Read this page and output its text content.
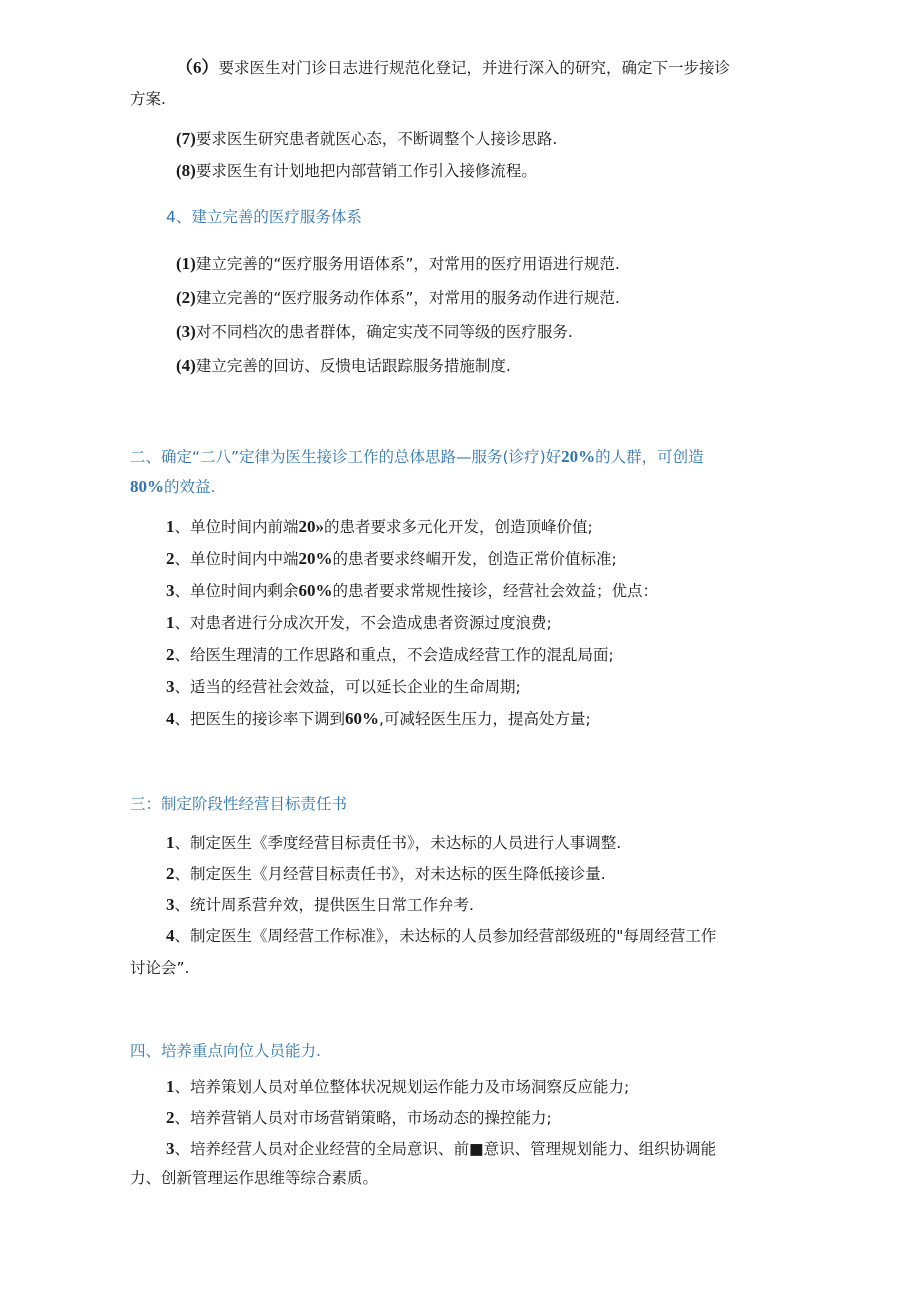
（6）要求医生对门诊日志进行规范化登记，并进行深入的研究，确定下一步接诊
方案.
(7)要求医生研究患者就医心态，不断调整个人接诊思路.
(8)要求医生有计划地把内部营销工作引入接修流程。
4、建立完善的医疗服务体系
(1)建立完善的“医疗服务用语体系”，对常用的医疗用语进行规范.
(2)建立完善的“医疗服务动作体系”，对常用的服务动作进行规范.
(3)对不同档次的患者群体，确定实茂不同等级的医疗服务.
(4)建立完善的回访、反愦电话跟踪服务措施制度.
二、确定“二八”定律为医生接诊工作的总体思路—服务(诊疗)好20%的人群，可创造
80%的效益.
1、单位时间内前端20»的患者要求多元化开发，创造顶峰价值;
2、单位时间内中端20%的患者要求终嵋开发，创造正常价值标准;
3、单位时间内剩余60%的患者要求常规性接诊，经营社会效益；优点：
1、对患者进行分成次开发，不会造成患者资源过度浪费;
2、给医生理清的工作思路和重点，不会造成经营工作的混乱局面;
3、适当的经营社会效益，可以延长企业的生命周期;
4、把医生的接诊率下调到60%,可减轻医生压力，提高处方量;
三：制定阶段性经营目标责任书
1、制定医生《季度经营目标责任书》，未达标的人员进行人事调整.
2、制定医生《月经营目标责任书》，对未达标的医生降低接诊量.
3、统计周系营弁效，提供医生日常工作弁考.
4、制定医生《周经营工作标准》，未达标的人员参加经营部级班的"每周经营工作
讨论会”.
四、培养重点向位人员能力.
1、培养策划人员对单位整体状况规划运作能力及市场洞察反应能力;
2、培养营销人员对市场营销策略，市场动态的操控能力;
3、培养经营人员对企业经营的全局意识、前■意识、管理规划能力、组织协调能
力、创新管理运作思维等综合素质。
